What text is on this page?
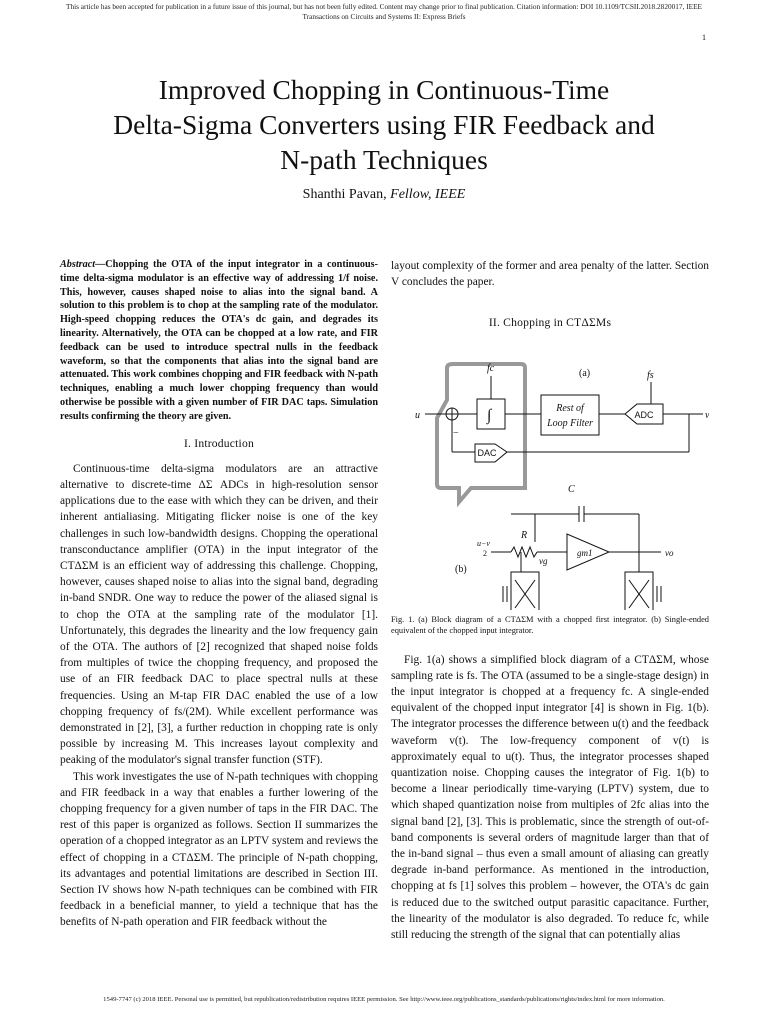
This article has been accepted for publication in a future issue of this journal, but has not been fully edited. Content may change prior to final publication. Citation information: DOI 10.1109/TCSII.2018.2820017, IEEE
Transactions on Circuits and Systems II: Express Briefs
1
Improved Chopping in Continuous-Time
Delta-Sigma Converters using FIR Feedback and
N-path Techniques
Shanthi Pavan, Fellow, IEEE

Abstract—Chopping the OTA of the input integrator in a continuous-time delta-sigma modulator is an effective way of addressing 1/f noise. This, however, causes shaped noise to alias into the signal band. A solution to this problem is to chop at the sampling rate of the modulator. High-speed chopping reduces the OTA's dc gain, and degrades its linearity. Alternatively, the OTA can be chopped at a low rate, and FIR feedback can be used to introduce spectral nulls in the feedback waveform, so that the components that alias into the signal band are attenuated. This work combines chopping and FIR feedback with N-path techniques, enabling a much lower chopping frequency than would otherwise be possible with a given number of FIR DAC taps. Simulation results confirming the theory are given.

I. Introduction

Continuous-time delta-sigma modulators are an attractive alternative to discrete-time ΔΣ ADCs in high-resolution sensor applications due to the ease with which they can be driven, and their inherent antialiasing. Mitigating flicker noise is one of the key challenges in such low-bandwidth designs. Chopping the operational transconductance amplifier (OTA) in the input integrator of the CTΔΣM is an efficient way of addressing this challenge. Chopping, however, causes shaped noise to alias into the signal band, degrading in-band SNDR. One way to reduce the power of the aliased signal is to chop the OTA at the sampling rate of the modulator [1]. Unfortunately, this degrades the linearity and the low frequency gain of the OTA. The authors of [2] recognized that shaped noise folds from multiples of twice the chopping frequency, and proposed the use of an FIR feedback DAC to place spectral nulls at these frequencies. Using an M-tap FIR DAC enabled the use of a low chopping frequency of fs/(2M). While excellent performance was demonstrated in [2], [3], a further reduction in chopping rate is only possible by increasing M. This increases layout complexity and peaking of the modulator's signal transfer function (STF).

This work investigates the use of N-path techniques with chopping and FIR feedback in a way that enables a further lowering of the chopping frequency for a given number of taps in the FIR DAC. The rest of this paper is organized as follows. Section II summarizes the operation of a chopped integrator as an LPTV system and reviews the effect of chopping in a CTΔΣM. The principle of N-path chopping, its advantages and potential limitations are described in Section III. Section IV shows how N-path techniques can be combined with FIR feedback in a beneficial manner, to yield a technique that has the benefits of N-path operation and FIR feedback without the

layout complexity of the former and area penalty of the latter. Section V concludes the paper.

II. Chopping in CTΔΣMs
fc	(a)	fs
u
−
∫	Rest of
Loop Filter
C
R
u−v
2
(b)
vg
gm1	vo
ADC
DAC
Fig. 1. (a) Block diagram of a CTΔΣM with a chopped first integrator. (b) Single-ended equivalent of the chopped input integrator.

Fig. 1(a) shows a simplified block diagram of a CTΔΣM, whose sampling rate is fs. The OTA (assumed to be a single-stage design) in the input integrator is chopped at a frequency fc. A single-ended equivalent of the chopped input integrator [4] is shown in Fig. 1(b). The integrator processes the difference between u(t) and the feedback waveform v(t). The low-frequency component of v(t) is approximately equal to u(t). Thus, the integrator processes shaped quantization noise. Chopping causes the integrator of Fig. 1(b) to become a linear periodically time-varying (LPTV) system, due to which shaped quantization noise from multiples of 2fc alias into the signal band [2], [3]. This is problematic, since the strength of out-of-band components is several orders of magnitude larger than that of the in-band signal – thus even a small amount of aliasing can greatly degrade in-band performance. As mentioned in the introduction, chopping at fs [1] solves this problem – however, the OTA's dc gain is reduced due to the switched output parasitic capacitance. Further, the linearity of the modulator is also degraded. To reduce fc, while still reducing the strength of the signal that can potentially alias

1549-7747 (c) 2018 IEEE. Personal use is permitted, but republication/redistribution requires IEEE permission. See http://www.ieee.org/publications_standards/publications/rights/index.html for more information.
